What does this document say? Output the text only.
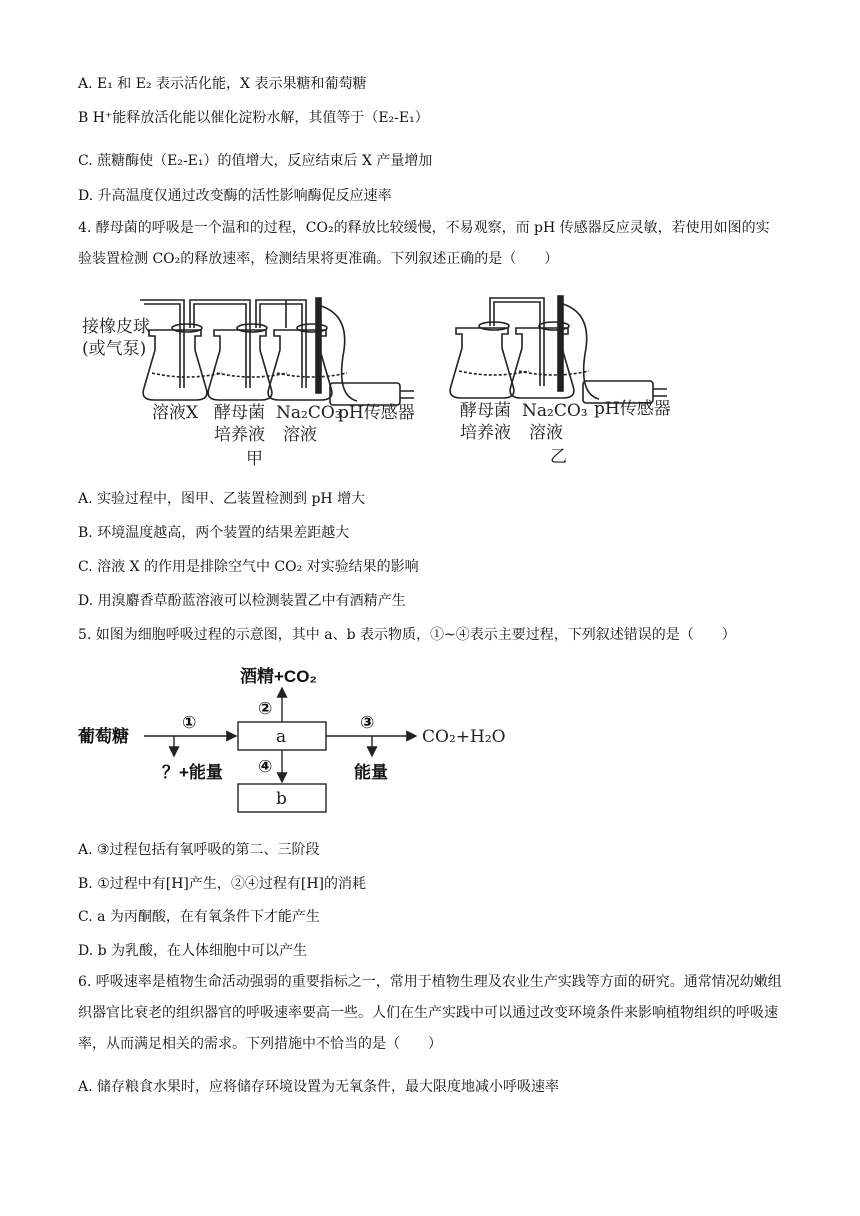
A. E₁ 和 E₂ 表示活化能，X 表示果糖和葡萄糖
B H⁺能释放活化能以催化淀粉水解，其值等于（E₂-E₁）
C. 蔗糖酶使（E₂-E₁）的值增大，反应结束后 X 产量增加
D. 升高温度仅通过改变酶的活性影响酶促反应速率
4. 酵母菌的呼吸是一个温和的过程，CO₂的释放比较缓慢，不易观察，而 pH 传感器反应灵敏，若使用如图的实验装置检测 CO₂的释放速率，检测结果将更准确。下列叙述正确的是（　　）
接橡皮球
(或气泵)
溶液X 酵母菌
培养液
Na₂CO₃
溶液
pH传感器
甲
酵母菌
培养液
Na₂CO₃
溶液
pH传感器
乙
A. 实验过程中，图甲、乙装置检测到 pH 增大
B. 环境温度越高，两个装置的结果差距越大
C. 溶液 X 的作用是排除空气中 CO₂ 对实验结果的影响
D. 用溴麝香草酚蓝溶液可以检测装置乙中有酒精产生
5. 如图为细胞呼吸过程的示意图，其中 a、b 表示物质，①~④表示主要过程，下列叙述错误的是（　　）
葡萄糖
①
②
③
④
a
b
酒精+CO₂
CO₂+H₂O
？+能量	能量
A. ③过程包括有氧呼吸的第二、三阶段
B. ①过程中有[H]产生，②④过程有[H]的消耗
C. a 为丙酮酸，在有氧条件下才能产生
D. b 为乳酸，在人体细胞中可以产生
6. 呼吸速率是植物生命活动强弱的重要指标之一，常用于植物生理及农业生产实践等方面的研究。通常情况幼嫩组织器官比衰老的组织器官的呼吸速率要高一些。人们在生产实践中可以通过改变环境条件来影响植物组织的呼吸速率，从而满足相关的需求。下列措施中不恰当的是（　　）
A. 储存粮食水果时，应将储存环境设置为无氧条件，最大限度地减小呼吸速率
